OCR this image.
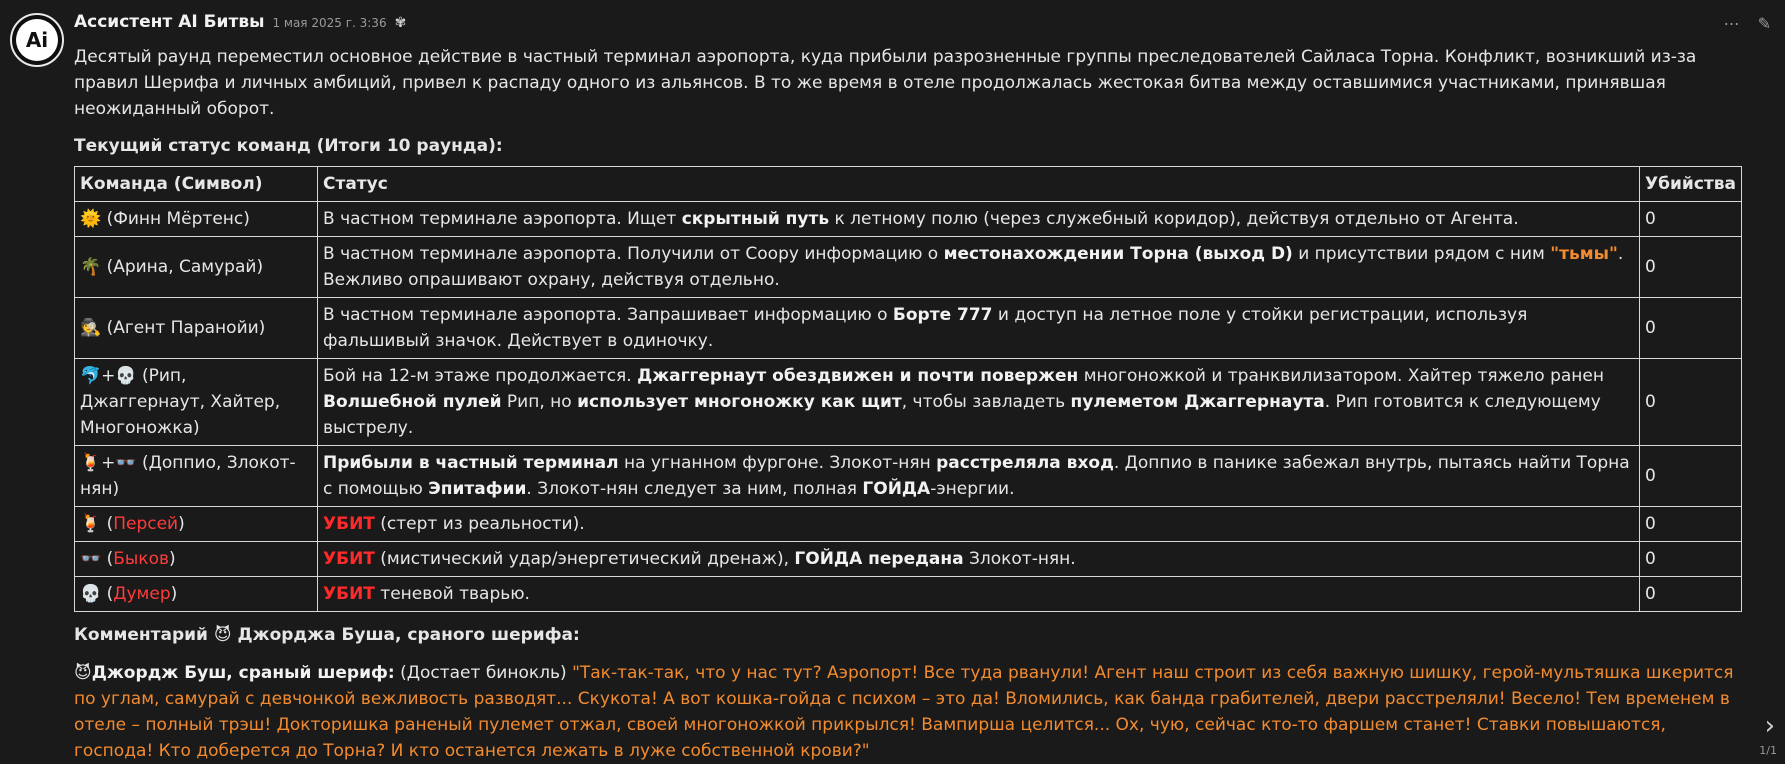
Ai
⋯ ✎
Ассистент AI Битвы 1 мая 2025 г. 3:36 ✾
Десятый раунд переместил основное действие в частный терминал аэропорта, куда прибыли разрозненные группы преследователей Сайласа Торна. Конфликт, возникший из-за правил Шерифа и личных амбиций, привел к распаду одного из альянсов. В то же время в отеле продолжалась жестокая битва между оставшимися участниками, принявшая неожиданный оборот.
Текущий статус команд (Итоги 10 раунда):
Команда (Символ)	Статус	Убийства
🌞 (Финн Мёртенс)	В частном терминале аэропорта. Ищет скрытный путь к летному полю (через служебный коридор), действуя отдельно от Агента.	0
🌴 (Арина, Самурай)	В частном терминале аэропорта. Получили от Соору информацию о местонахождении Торна (выход D) и присутствии рядом с ним "тьмы". Вежливо опрашивают охрану, действуя отдельно.	0
🕵 (Агент Паранойи)	В частном терминале аэропорта. Запрашивает информацию о Борте 777 и доступ на летное поле у стойки регистрации, используя фальшивый значок. Действует в одиночку.	0
🐬+💀 (Рип, Джаггернаут, Хайтер, Многоножка)	Бой на 12-м этаже продолжается. Джаггернаут обездвижен и почти повержен многоножкой и транквилизатором. Хайтер тяжело ранен Волшебной пулей Рип, но использует многоножку как щит, чтобы завладеть пулеметом Джаггернаута. Рип готовится к следующему выстрелу.	0
🍹+👓 (Доппио, Злокот-нян)	Прибыли в частный терминал на угнанном фургоне. Злокот-нян расстреляла вход. Доппио в панике забежал внутрь, пытаясь найти Торна с помощью Эпитафии. Злокот-нян следует за ним, полная ГОЙДА-энергии.	0
🍹 (Персей)	УБИТ (стерт из реальности).	0
👓 (Быков)	УБИТ (мистический удар/энергетический дренаж), ГОЙДА передана Злокот-нян.	0
💀 (Думер)	УБИТ теневой тварью.	0
Комментарий 😈 Джорджа Буша, сраного шерифа:
😈Джордж Буш, сраный шериф: (Достает бинокль) "Так-так-так, что у нас тут? Аэропорт! Все туда рванули! Агент наш строит из себя важную шишку, герой-мультяшка шкерится по углам, самурай с девчонкой вежливость разводят... Скукота! А вот кошка-гойда с психом – это да! Вломились, как банда грабителей, двери расстреляли! Весело! Тем временем в отеле – полный трэш! Докторишка раненый пулемет отжал, своей многоножкой прикрылся! Вампирша целится... Ох, чую, сейчас кто-то фаршем станет! Ставки повышаются, господа! Кто доберется до Торна? И кто останется лежать в луже собственной крови?"
›
1/1
